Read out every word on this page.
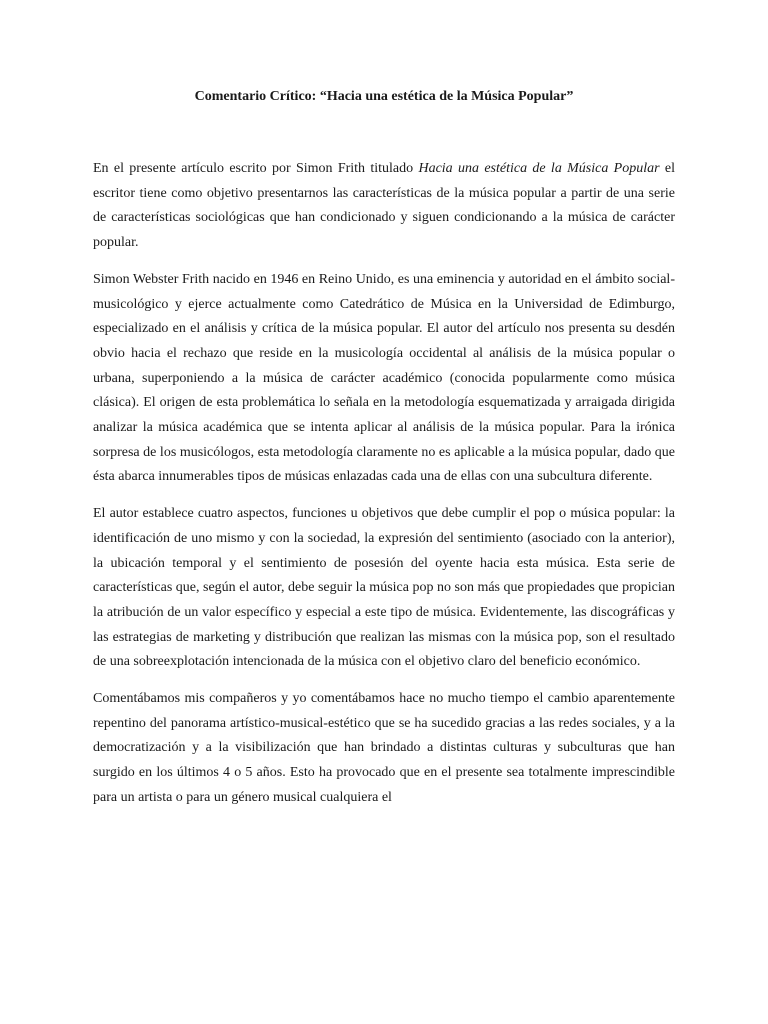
Comentario Crítico: “Hacia una estética de la Música Popular”

En el presente artículo escrito por Simon Frith titulado Hacia una estética de la Música Popular el escritor tiene como objetivo presentarnos las características de la música popular a partir de una serie de características sociológicas que han condicionado y siguen condicionando a la música de carácter popular.

Simon Webster Frith nacido en 1946 en Reino Unido, es una eminencia y autoridad en el ámbito social-musicológico y ejerce actualmente como Catedrático de Música en la Universidad de Edimburgo, especializado en el análisis y crítica de la música popular. El autor del artículo nos presenta su desdén obvio hacia el rechazo que reside en la musicología occidental al análisis de la música popular o urbana, superponiendo a la música de carácter académico (conocida popularmente como música clásica). El origen de esta problemática lo señala en la metodología esquematizada y arraigada dirigida analizar la música académica que se intenta aplicar al análisis de la música popular. Para la irónica sorpresa de los musicólogos, esta metodología claramente no es aplicable a la música popular, dado que ésta abarca innumerables tipos de músicas enlazadas cada una de ellas con una subcultura diferente.

El autor establece cuatro aspectos, funciones u objetivos que debe cumplir el pop o música popular: la identificación de uno mismo y con la sociedad, la expresión del sentimiento (asociado con la anterior), la ubicación temporal y el sentimiento de posesión del oyente hacia esta música. Esta serie de características que, según el autor, debe seguir la música pop no son más que propiedades que propician la atribución de un valor específico y especial a este tipo de música. Evidentemente, las discográficas y las estrategias de marketing y distribución que realizan las mismas con la música pop, son el resultado de una sobreexplotación intencionada de la música con el objetivo claro del beneficio económico.

Comentábamos mis compañeros y yo comentábamos hace no mucho tiempo el cambio aparentemente repentino del panorama artístico-musical-estético que se ha sucedido gracias a las redes sociales, y a la democratización y a la visibilización que han brindado a distintas culturas y subculturas que han surgido en los últimos 4 o 5 años. Esto ha provocado que en el presente sea totalmente imprescindible para un artista o para un género musical cualquiera el
